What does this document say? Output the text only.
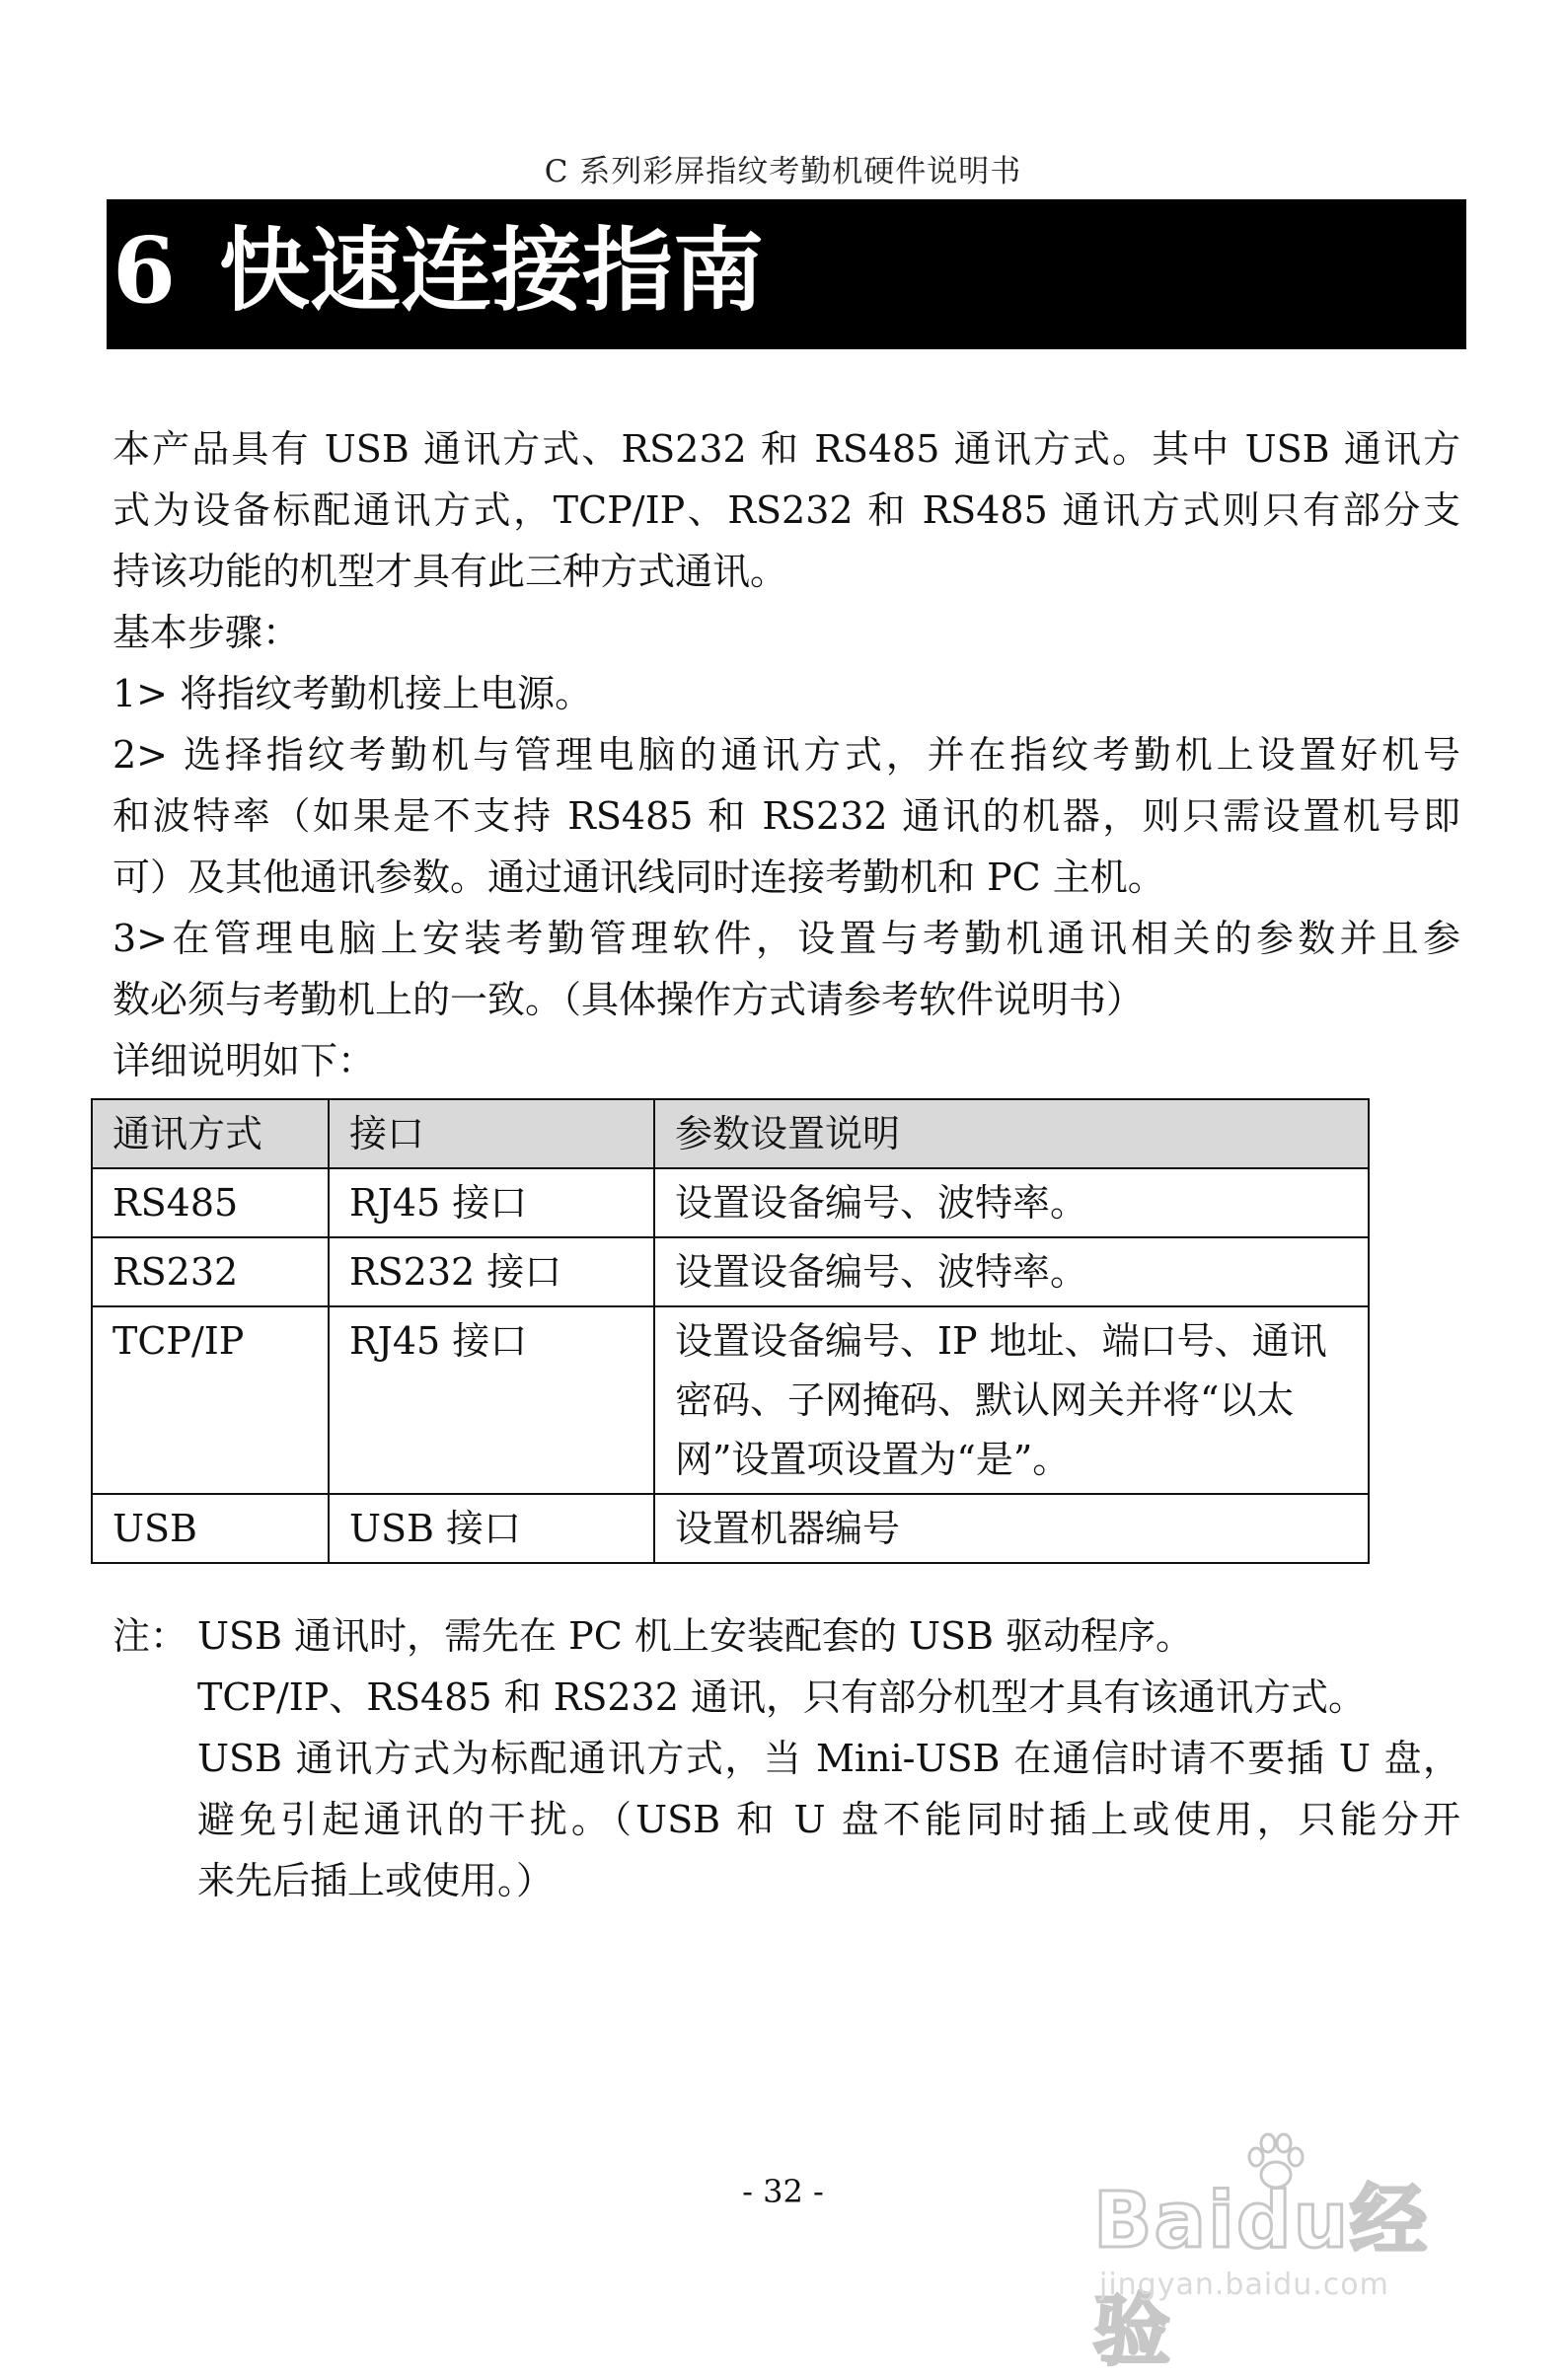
C 系列彩屏指纹考勤机硬件说明书
6 快速连接指南

本产品具有 USB 通讯方式、RS232 和 RS485 通讯方式。其中 USB 通讯方

式为设备标配通讯方式，TCP/IP、RS232 和 RS485 通讯方式则只有部分支

持该功能的机型才具有此三种方式通讯。

基本步骤：

1> 将指纹考勤机接上电源。

2> 选择指纹考勤机与管理电脑的通讯方式，并在指纹考勤机上设置好机号

和波特率（如果是不支持 RS485 和 RS232 通讯的机器，则只需设置机号即

可）及其他通讯参数。通过通讯线同时连接考勤机和 PC 主机。

3>在管理电脑上安装考勤管理软件，设置与考勤机通讯相关的参数并且参

数必须与考勤机上的一致。（具体操作方式请参考软件说明书）

详细说明如下：

通讯方式	接口	参数设置说明
RS485	RJ45 接口	设置设备编号、波特率。
RS232	RS232 接口	设置设备编号、波特率。
TCP/IP	RJ45 接口	设置设备编号、IP 地址、端口号、通讯密码、子网掩码、默认网关并将“以太网”设置项设置为“是”。
USB	USB 接口	设置机器编号
注： USB 通讯时，需先在 PC 机上安装配套的 USB 驱动程序。

TCP/IP、RS485 和 RS232 通讯，只有部分机型才具有该通讯方式。

USB 通讯方式为标配通讯方式，当 Mini-USB 在通信时请不要插 U 盘，

避免引起通讯的干扰。（USB 和 U 盘不能同时插上或使用，只能分开

来先后插上或使用。）

- 32 -	Baidu经验
jingyan.baidu.com
